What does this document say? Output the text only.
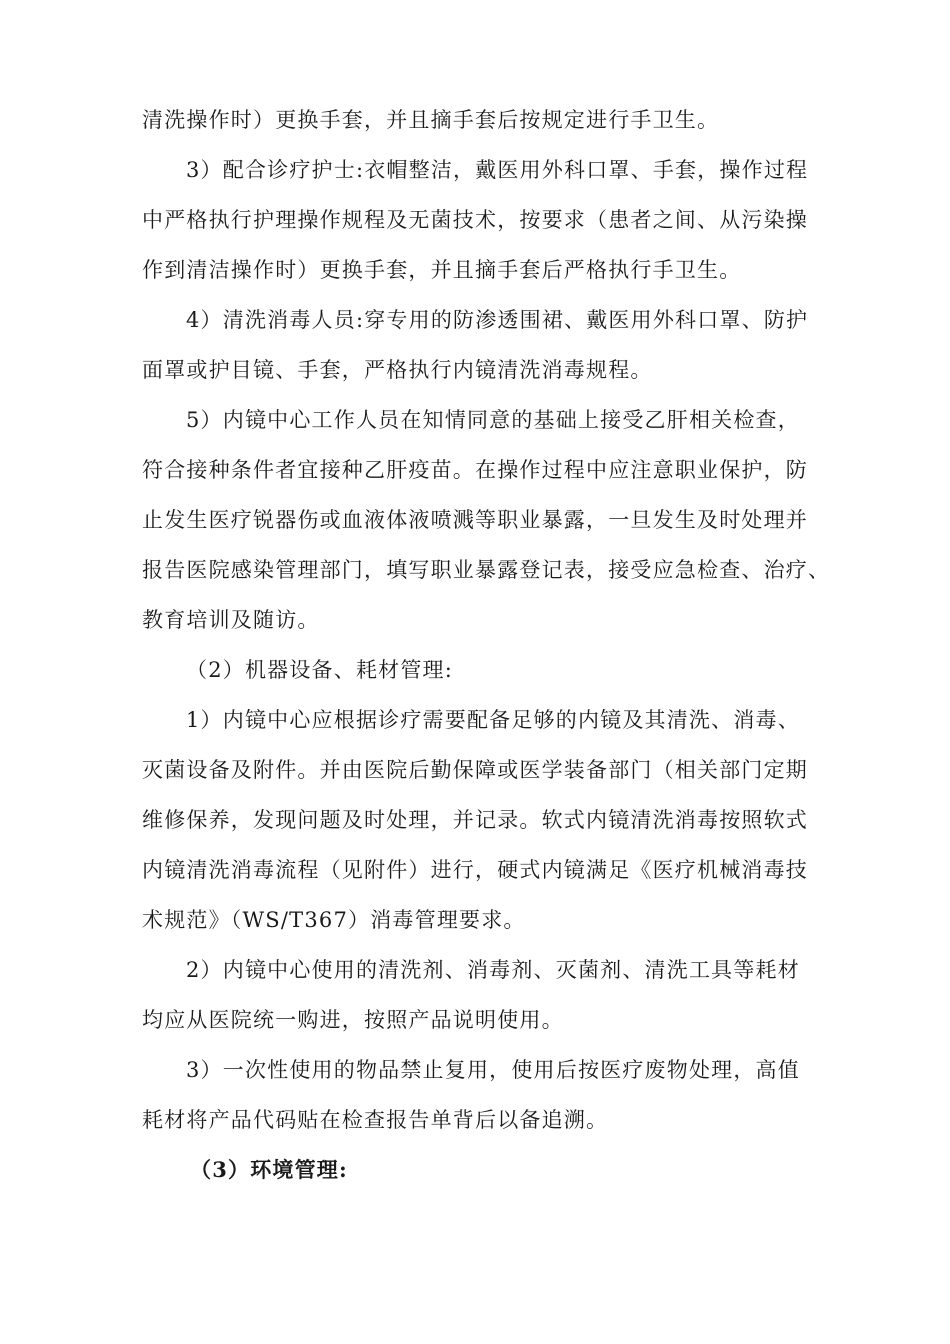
清洗操作时）更换手套，并且摘手套后按规定进行手卫生。
3）配合诊疗护士:衣帽整洁，戴医用外科口罩、手套，操作过程
中严格执行护理操作规程及无菌技术，按要求（患者之间、从污染操
作到清洁操作时）更换手套，并且摘手套后严格执行手卫生。
4）清洗消毒人员:穿专用的防渗透围裙、戴医用外科口罩、防护
面罩或护目镜、手套，严格执行内镜清洗消毒规程。
5）内镜中心工作人员在知情同意的基础上接受乙肝相关检查，
符合接种条件者宜接种乙肝疫苗。在操作过程中应注意职业保护，防
止发生医疗锐器伤或血液体液喷溅等职业暴露，一旦发生及时处理并
报告医院感染管理部门，填写职业暴露登记表，接受应急检查、治疗、
教育培训及随访。
（2）机器设备、耗材管理:
1）内镜中心应根据诊疗需要配备足够的内镜及其清洗、消毒、
灭菌设备及附件。并由医院后勤保障或医学装备部门（相关部门定期
维修保养，发现问题及时处理，并记录。软式内镜清洗消毒按照软式
内镜清洗消毒流程（见附件）进行，硬式内镜满足《医疗机械消毒技
术规范》（WS/T367）消毒管理要求。
2）内镜中心使用的清洗剂、消毒剂、灭菌剂、清洗工具等耗材
均应从医院统一购进，按照产品说明使用。
3）一次性使用的物品禁止复用，使用后按医疗废物处理，高值
耗材将产品代码贴在检查报告单背后以备追溯。
（3）环境管理:
